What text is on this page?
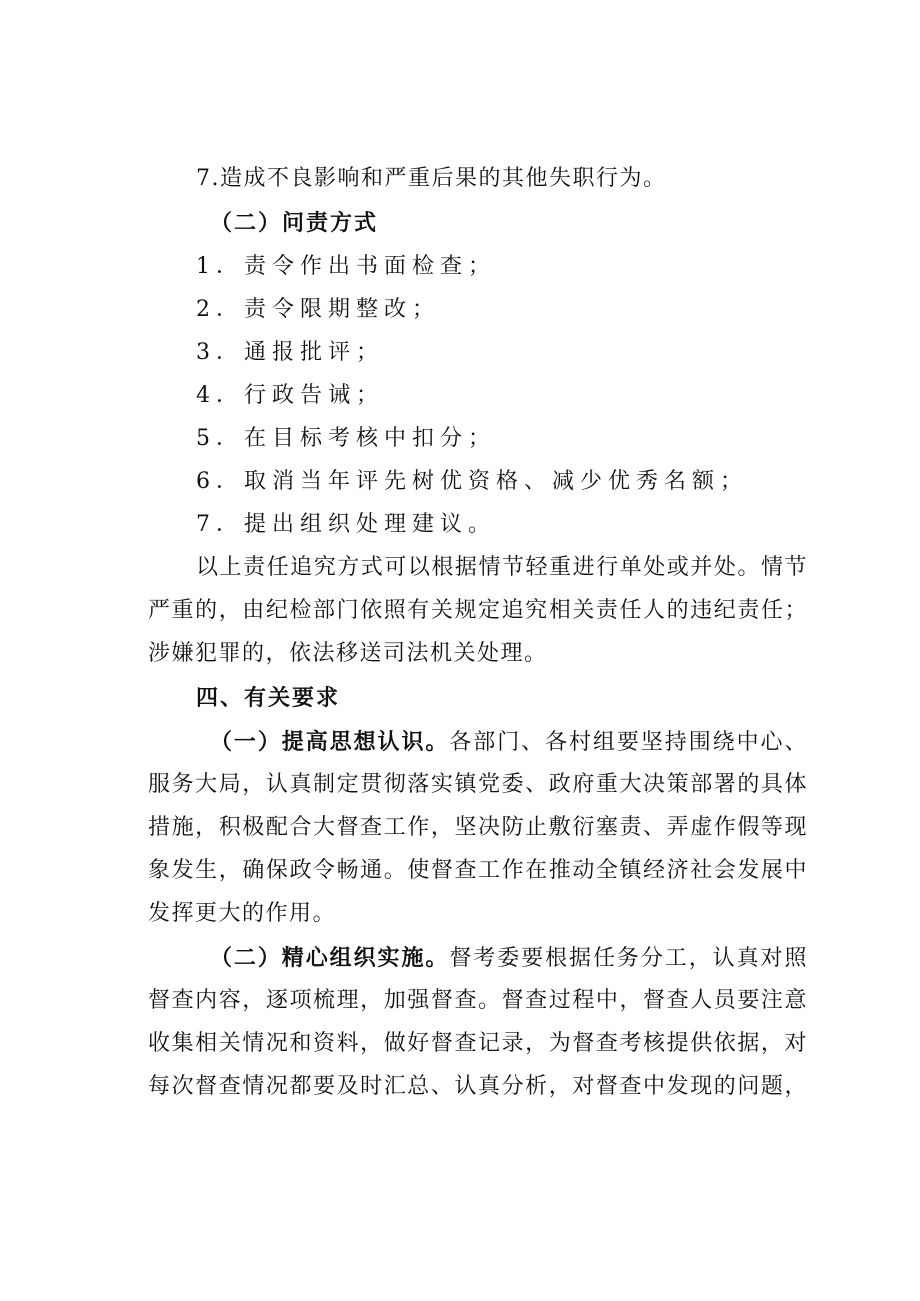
7.造成不良影响和严重后果的其他失职行为。
（二）问责方式
1．责令作出书面检查；
2．责令限期整改；
3．通报批评；
4．行政告诫；
5．在目标考核中扣分；
6．取消当年评先树优资格、减少优秀名额；
7．提出组织处理建议。
以上责任追究方式可以根据情节轻重进行单处或并处。情节
严重的，由纪检部门依照有关规定追究相关责任人的违纪责任；
涉嫌犯罪的，依法移送司法机关处理。
四、有关要求
（一）提高思想认识。各部门、各村组要坚持围绕中心、
服务大局，认真制定贯彻落实镇党委、政府重大决策部署的具体
措施，积极配合大督查工作，坚决防止敷衍塞责、弄虚作假等现
象发生，确保政令畅通。使督查工作在推动全镇经济社会发展中
发挥更大的作用。
（二）精心组织实施。督考委要根据任务分工，认真对照
督查内容，逐项梳理，加强督查。督查过程中，督查人员要注意
收集相关情况和资料，做好督查记录，为督查考核提供依据，对
每次督查情况都要及时汇总、认真分析，对督查中发现的问题，
